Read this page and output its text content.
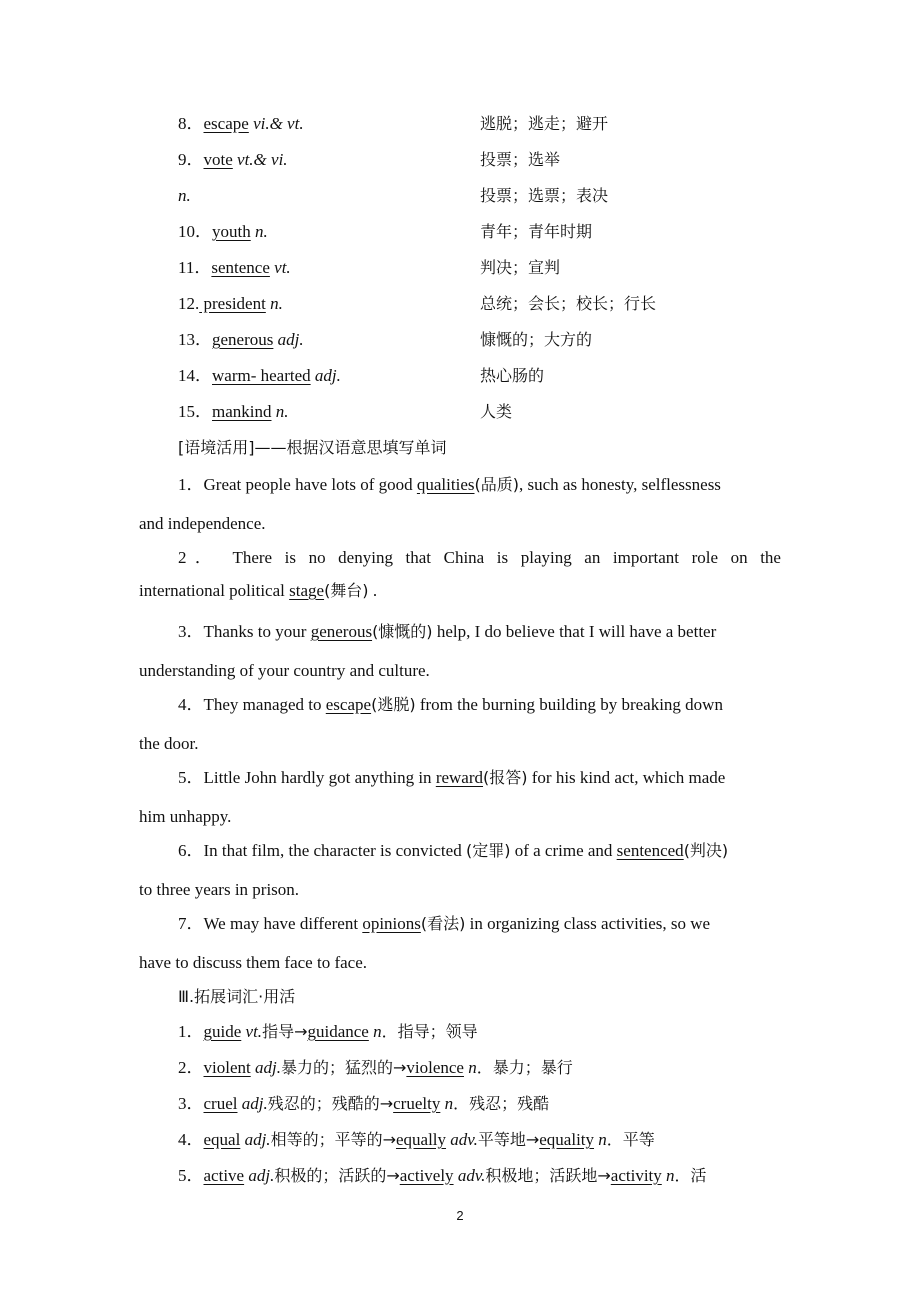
8．escape vi.& vt.	逃脱；逃走；避开
9．vote vt.& vi.	投票；选举
n.	投票；选票；表决
10．youth n.	青年；青年时期
11．sentence vt.	判决；宣判
12. president n.	总统；会长；校长；行长
13．generous adj.	慷慨的；大方的
14．warm- hearted adj.	热心肠的
15．mankind n.	人类
[语境活用]——根据汉语意思填写单词
1．Great people have lots of good qualities(品质), such as honesty, selflessness
and independence.
2． There is no denying that China is playing an important role on the
international political stage(舞台) .
3．Thanks to your generous(慷慨的) help, I do believe that I will have a better
understanding of your country and culture.
4．They managed to escape(逃脱) from the burning building by breaking down
the door.
5．Little John hardly got anything in reward(报答) for his kind act, which made
him unhappy.
6．In that film, the character is convicted (定罪) of a crime and sentenced(判决)
to three years in prison.
7．We may have different opinions(看法) in organizing class activities, so we
have to discuss them face to face.
Ⅲ.拓展词汇·用活
1．guide vt.指导→guidance n．指导；领导
2．violent adj.暴力的；猛烈的→violence n．暴力；暴行
3．cruel adj.残忍的；残酷的→cruelty n．残忍；残酷
4．equal adj.相等的；平等的→equally adv.平等地→equality n．平等
5．active adj.积极的；活跃的→actively adv.积极地；活跃地→activity n．活
2
